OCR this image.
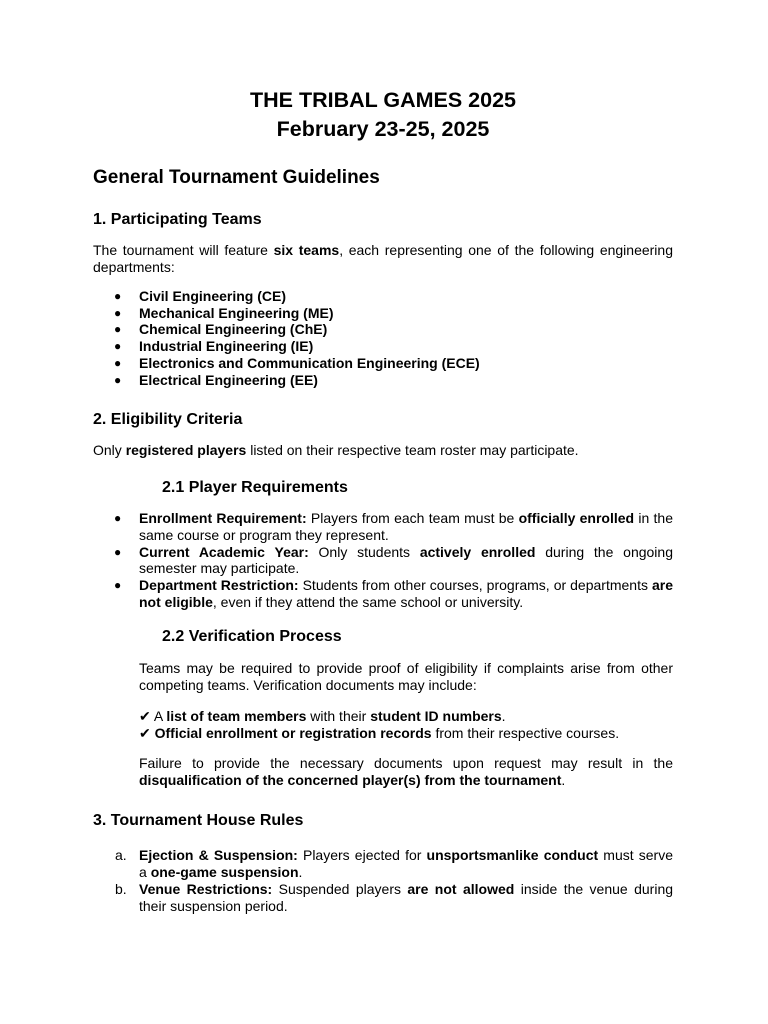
THE TRIBAL GAMES 2025
February 23-25, 2025
General Tournament Guidelines
1. Participating Teams

The tournament will feature six teams, each representing one of the following engineering departments:

● Civil Engineering (CE)
● Mechanical Engineering (ME)
● Chemical Engineering (ChE)
● Industrial Engineering (IE)
● Electronics and Communication Engineering (ECE)
● Electrical Engineering (EE)
2. Eligibility Criteria

Only registered players listed on their respective team roster may participate.

2.1 Player Requirements
● Enrollment Requirement: Players from each team must be officially enrolled in the same course or program they represent.
● Current Academic Year: Only students actively enrolled during the ongoing semester may participate.
● Department Restriction: Students from other courses, programs, or departments are not eligible, even if they attend the same school or university.
2.2 Verification Process

Teams may be required to provide proof of eligibility if complaints arise from other competing teams. Verification documents may include:

✔ A list of team members with their student ID numbers.
✔ Official enrollment or registration records from their respective courses.

Failure to provide the necessary documents upon request may result in the disqualification of the concerned player(s) from the tournament.

3. Tournament House Rules
a. Ejection & Suspension: Players ejected for unsportsmanlike conduct must serve a one-game suspension.
b. Venue Restrictions: Suspended players are not allowed inside the venue during their suspension period.
